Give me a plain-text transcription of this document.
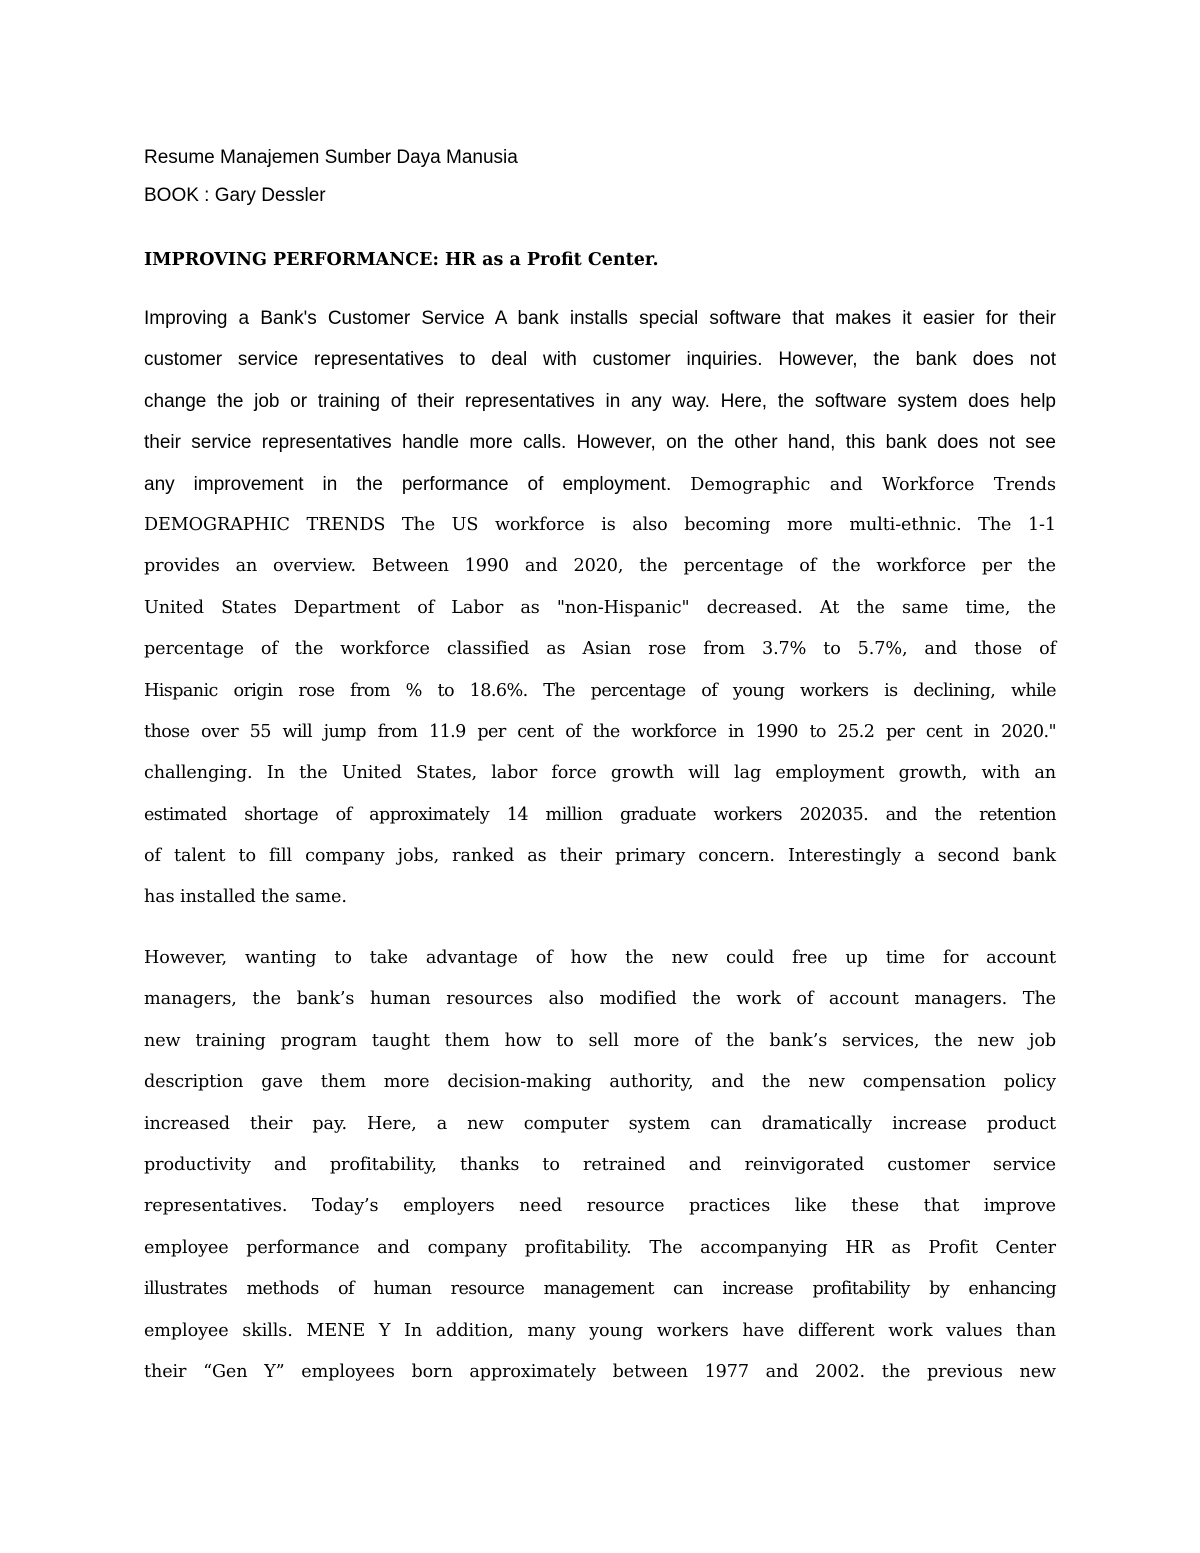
Resume Manajemen Sumber Daya Manusia

BOOK : Gary Dessler

IMPROVING PERFORMANCE: HR as a Profit Center.

Improving a Bank's Customer Service A bank installs special software that makes it easier for their
customer service representatives to deal with customer inquiries. However, the bank does not
change the job or training of their representatives in any way. Here, the software system does help
their service representatives handle more calls. However, on the other hand, this bank does not see
any improvement in the performance of employment. Demographic and Workforce Trends
DEMOGRAPHIC TRENDS The US workforce is also becoming more multi-ethnic. The 1-1
provides an overview. Between 1990 and 2020, the percentage of the workforce per the
United States Department of Labor as "non-Hispanic" decreased. At the same time, the
percentage of the workforce classified as Asian rose from 3.7% to 5.7%, and those of
Hispanic origin rose from % to 18.6%. The percentage of young workers is declining, while
those over 55 will jump from 11.9 per cent of the workforce in 1990 to 25.2 per cent in 2020."
challenging. In the United States, labor force growth will lag employment growth, with an
estimated shortage of approximately 14 million graduate workers 202035. and the retention
of talent to fill company jobs, ranked as their primary concern. Interestingly a second bank
has installed the same.
However, wanting to take advantage of how the new could free up time for account
managers, the bank’s human resources also modified the work of account managers. The
new training program taught them how to sell more of the bank’s services, the new job
description gave them more decision-making authority, and the new compensation policy
increased their pay. Here, a new computer system can dramatically increase product
productivity and profitability, thanks to retrained and reinvigorated customer service
representatives. Today’s employers need resource practices like these that improve
employee performance and company profitability. The accompanying HR as Profit Center
illustrates methods of human resource management can increase profitability by enhancing
employee skills. MENE Y In addition, many young workers have different work values than
their “Gen Y” employees born approximately between 1977 and 2002. the previous new
